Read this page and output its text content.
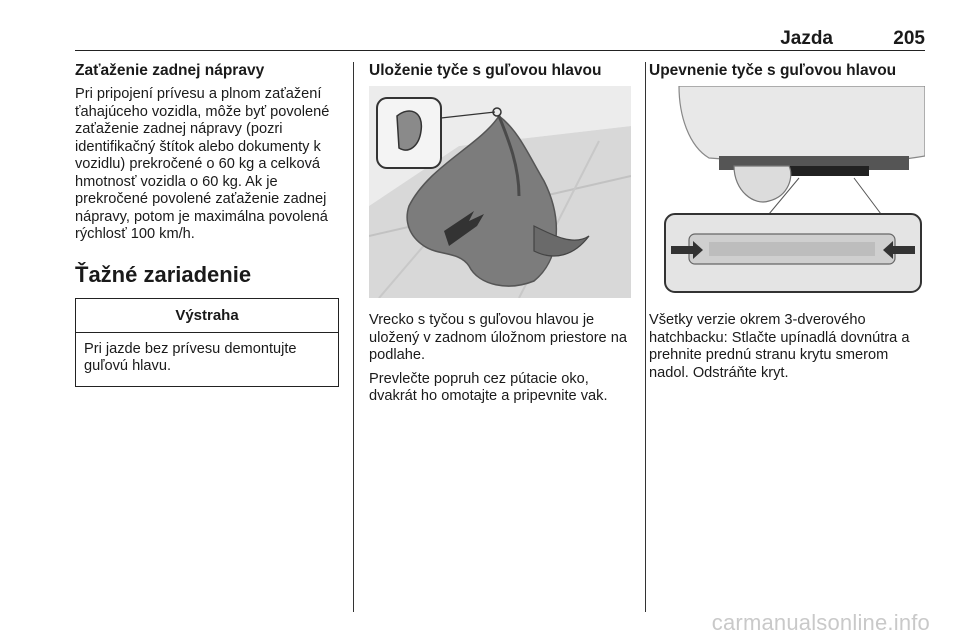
Jazda	205
Zaťaženie zadnej nápravy
Pri pripojení prívesu a plnom zaťažení ťahajúceho vozidla, môže byť povolené zaťaženie zadnej nápravy (pozri identifikačný štítok alebo dokumenty k vozidlu) prekročené o 60 kg a celková hmotnosť vozidla o 60 kg. Ak je prekročené povolené zaťaženie zadnej nápravy, potom je maximálna povolená rýchlosť 100 km/h.
Ťažné zariadenie
Výstraha
Pri jazde bez prívesu demontujte guľovú hlavu.
Uloženie tyče s guľovou hlavou
Vrecko s tyčou s guľovou hlavou je uložený v zadnom úložnom priestore na podlahe.
Prevlečte popruh cez pútacie oko, dvakrát ho omotajte a pripevnite vak.
Upevnenie tyče s guľovou hlavou
Všetky verzie okrem 3-dverového hatchbacku: Stlačte upínadlá dovnútra a prehnite prednú stranu krytu smerom nadol. Odstráňte kryt.
carmanualsonline.info
